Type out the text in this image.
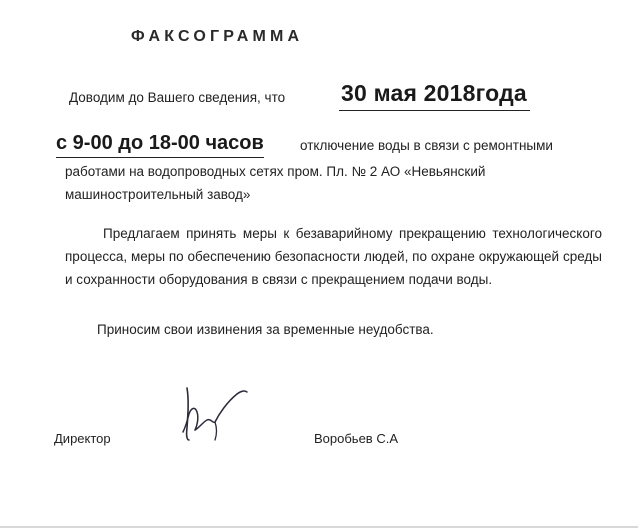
ФАКСОГРАММА
Доводим до Вашего сведения, что 30 мая 2018года
с 9-00 до 18-00 часов	отключение воды в связи с ремонтными
работами на водопроводных сетях пром. Пл. № 2 АО «Невьянский
машиностроительный завод»
Предлагаем принять меры к безаварийному прекращению технологического процесса, меры по обеспечению безопасности людей, по охране окружающей среды и сохранности оборудования в связи с прекращением подачи воды.
Приносим свои извинения за временные неудобства.
Директор	Воробьев С.А
